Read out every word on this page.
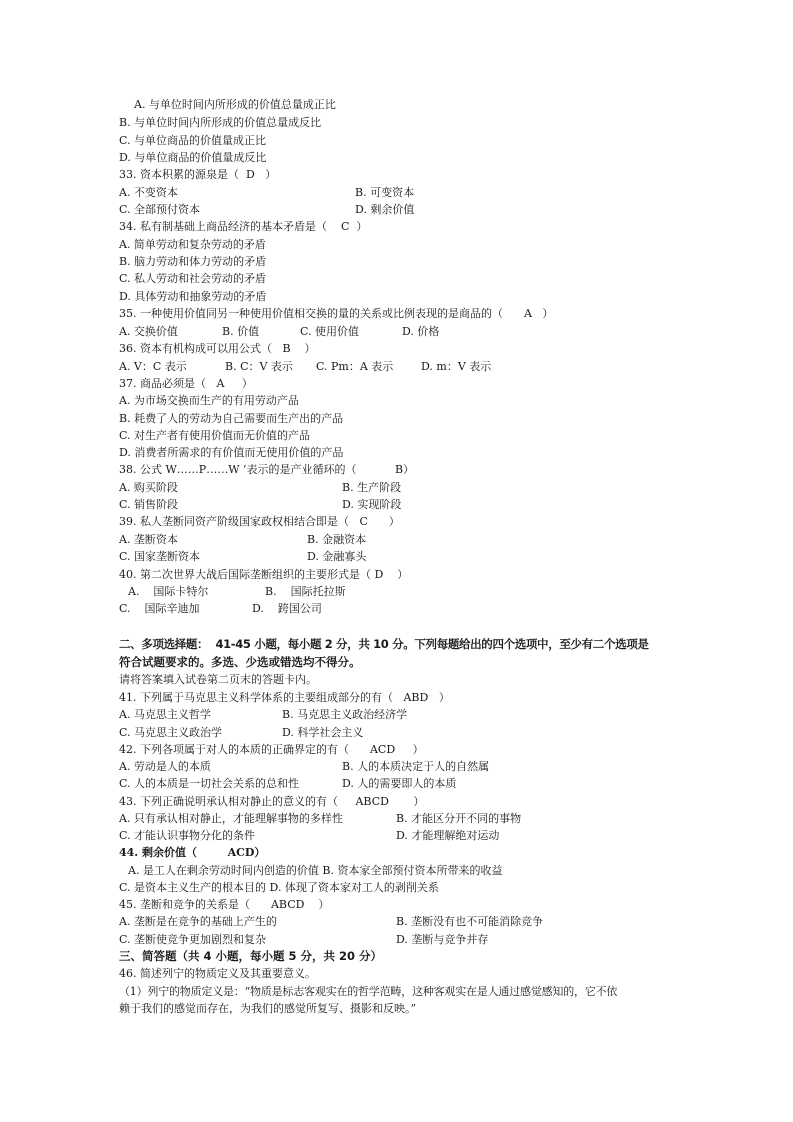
A. 与单位时间内所形成的价值总量成正比
B. 与单位时间内所形成的价值总量成反比
C. 与单位商品的价值量成正比
D. 与单位商品的价值量成反比
33. 资本积累的源泉是（  D   ）
A. 不变资本	B. 可变资本
C. 全部预付资本	D. 剩余价值
34. 私有制基础上商品经济的基本矛盾是（    C  ）
A. 简单劳动和复杂劳动的矛盾
B. 脑力劳动和体力劳动的矛盾
C. 私人劳动和社会劳动的矛盾
D. 具体劳动和抽象劳动的矛盾
35. 一种使用价值同另一种使用价值相交换的量的关系或比例表现的是商品的（      A   ）
A. 交换价值	B. 价值	C. 使用价值	D. 价格
36. 资本有机构成可以用公式（   B    ）
A. V：C 表示	B. C：V 表示 C. Pm：A 表示	D. m：V 表示
37. 商品必须是（   A     ）
A. 为市场交换而生产的有用劳动产品
B. 耗费了人的劳动为自己需要而生产出的产品
C. 对生产者有使用价值而无价值的产品
D. 消费者所需求的有价值而无使用价值的产品
38. 公式 W……P……W ’表示的是产业循环的（           B）
A. 购买阶段	B. 生产阶段
C. 销售阶段	D. 实现阶段
39. 私人垄断同资产阶级国家政权相结合即是（   C      ）
A. 垄断资本	B. 金融资本
C. 国家垄断资本	D. 金融寡头
40. 第二次世界大战后国际垄断组织的主要形式是（ D    ）
A.    国际卡特尔	B.    国际托拉斯
C.    国际辛迪加	D.    跨国公司
二、多项选择题：  41-45 小题，每小题 2 分，共 10 分。下列每题给出的四个选项中，至少有二个选项是
符合试题要求的。多选、少选或错选均不得分。
请将答案填入试卷第二页末的答题卡内。
41. 下列属于马克思主义科学体系的主要组成部分的有（   ABD   ）
A. 马克思主义哲学	B. 马克思主义政治经济学
C. 马克思主义政治学	D. 科学社会主义
42. 下列各项属于对人的本质的正确界定的有（      ACD     ）
A. 劳动是人的本质	B. 人的本质决定于人的自然属
C. 人的本质是一切社会关系的总和性	D. 人的需要即人的本质
43. 下列正确说明承认相对静止的意义的有（     ABCD       ）
A. 只有承认相对静止，才能理解事物的多样性	B. 才能区分开不同的事物
C. 才能认识事物分化的条件	D. 才能理解绝对运动
44. 剩余价值（        ACD）
A. 是工人在剩余劳动时间内创造的价值 B. 资本家全部预付资本所带来的收益
C. 是资本主义生产的根本目的 D. 体现了资本家对工人的剥削关系
45. 垄断和竞争的关系是（      ABCD    ）
A. 垄断是在竞争的基础上产生的	B. 垄断没有也不可能消除竞争
C. 垄断使竞争更加剧烈和复杂	D. 垄断与竞争并存
三、简答题（共 4 小题，每小题 5 分，共 20 分）
46. 简述列宁的物质定义及其重要意义。
（1）列宁的物质定义是：“物质是标志客观实在的哲学范畴，这种客观实在是人通过感觉感知的，它不依
赖于我们的感觉而存在，为我们的感觉所复写、摄影和反映。”
